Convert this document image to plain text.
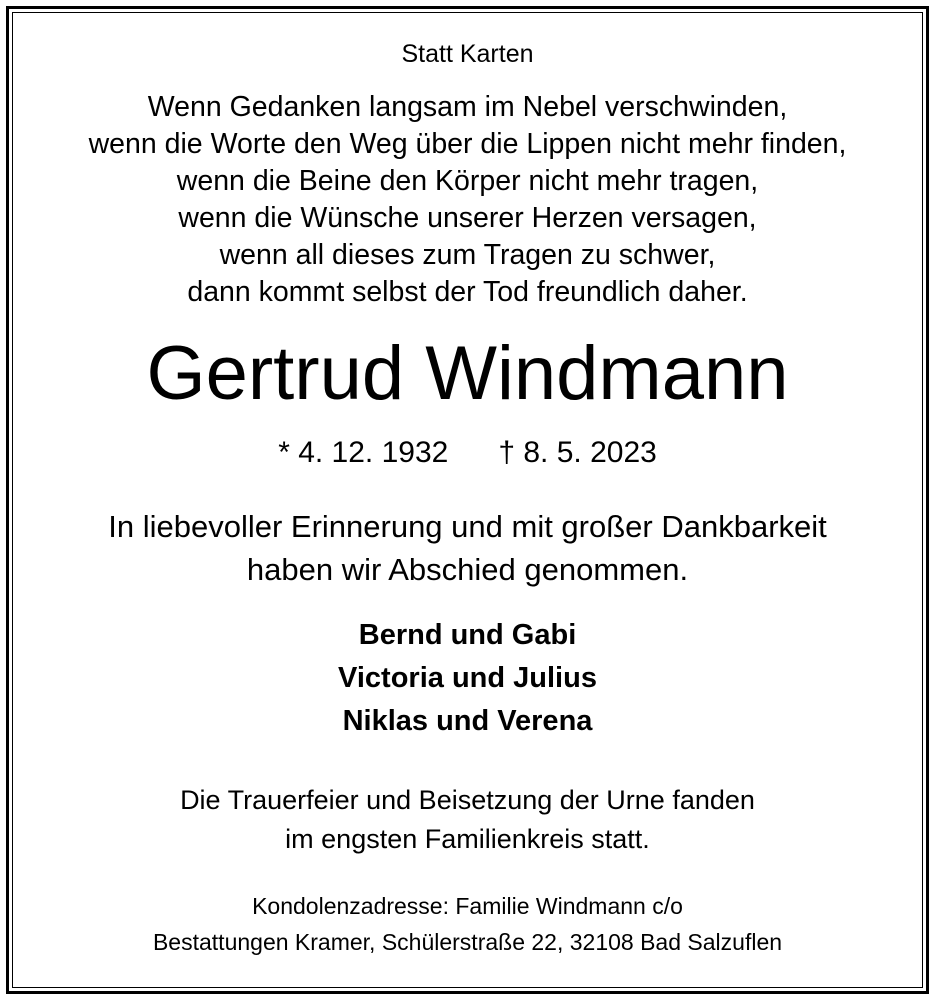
Statt Karten
Wenn Gedanken langsam im Nebel verschwinden,
wenn die Worte den Weg über die Lippen nicht mehr finden,
wenn die Beine den Körper nicht mehr tragen,
wenn die Wünsche unserer Herzen versagen,
wenn all dieses zum Tragen zu schwer,
dann kommt selbst der Tod freundlich daher.
Gertrud Windmann
* 4. 12. 1932 † 8. 5. 2023
In liebevoller Erinnerung und mit großer Dankbarkeit
haben wir Abschied genommen.
Bernd und Gabi
Victoria und Julius
Niklas und Verena
Die Trauerfeier und Beisetzung der Urne fanden
im engsten Familienkreis statt.
Kondolenzadresse: Familie Windmann c/o
Bestattungen Kramer, Schülerstraße 22, 32108 Bad Salzuflen
